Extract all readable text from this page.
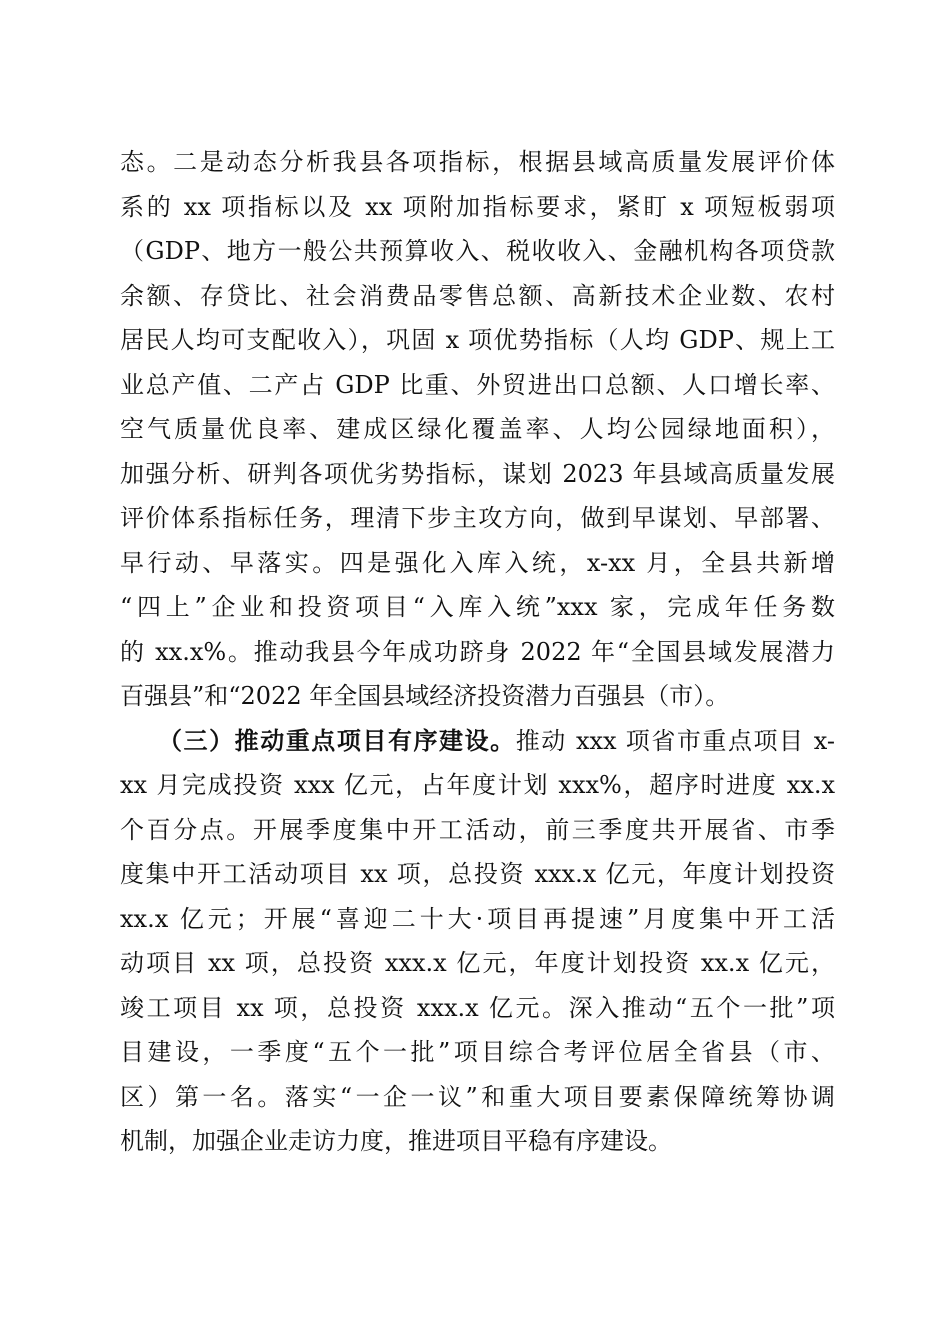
态。二是动态分析我县各项指标，根据县域高质量发展评价体
系的 xx 项指标以及 xx 项附加指标要求，紧盯 x 项短板弱项
（GDP、地方一般公共预算收入、税收收入、金融机构各项贷款
余额、存贷比、社会消费品零售总额、高新技术企业数、农村
居民人均可支配收入），巩固 x 项优势指标（人均 GDP、规上工
业总产值、二产占 GDP 比重、外贸进出口总额、人口增长率、
空气质量优良率、建成区绿化覆盖率、人均公园绿地面积），
加强分析、研判各项优劣势指标，谋划 2023 年县域高质量发展
评价体系指标任务，理清下步主攻方向，做到早谋划、早部署、
早行动、早落实。四是强化入库入统，x-xx 月，全县共新增
“四上”企业和投资项目“入库入统”xxx 家，完成年任务数
的 xx.x%。推动我县今年成功跻身 2022 年“全国县域发展潜力
百强县”和“2022 年全国县域经济投资潜力百强县（市）。
（三）推动重点项目有序建设。推动 xxx 项省市重点项目 x-
xx 月完成投资 xxx 亿元，占年度计划 xxx%，超序时进度 xx.x
个百分点。开展季度集中开工活动，前三季度共开展省、市季
度集中开工活动项目 xx 项，总投资 xxx.x 亿元，年度计划投资
xx.x 亿元；开展“喜迎二十大·项目再提速”月度集中开工活
动项目 xx 项，总投资 xxx.x 亿元，年度计划投资 xx.x 亿元，
竣工项目 xx 项，总投资 xxx.x 亿元。深入推动“五个一批”项
目建设，一季度“五个一批”项目综合考评位居全省县（市、
区）第一名。落实“一企一议”和重大项目要素保障统筹协调
机制，加强企业走访力度，推进项目平稳有序建设。
